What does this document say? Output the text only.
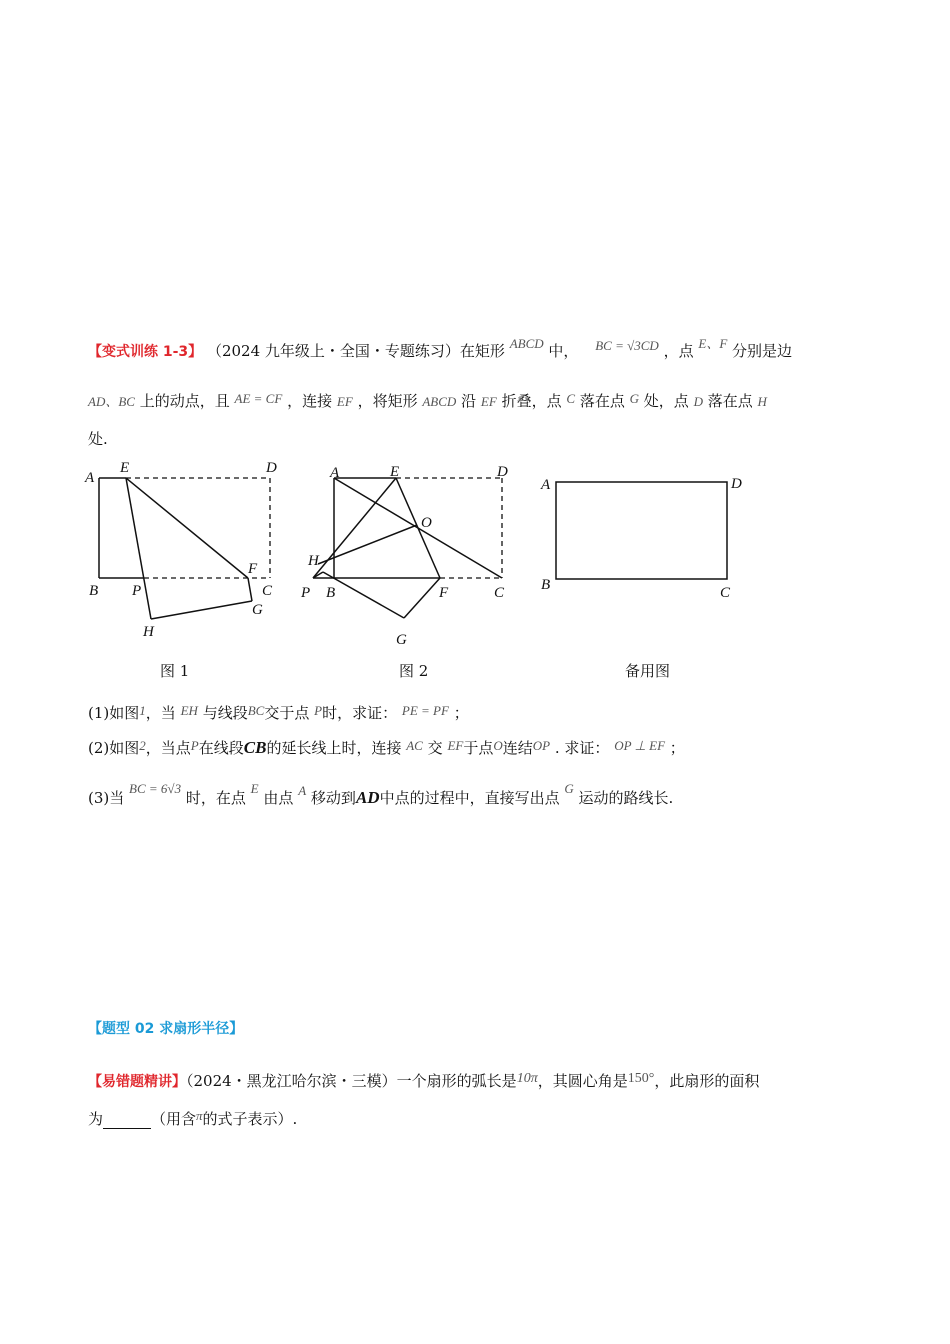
【变式训练 1-3】 （2024 九年级上・全国・专题练习）在矩形 ABCD 中， BC = √3CD ，点 E、F 分别是边
AD、BC 上的动点，且 AE = CF ，连接 EF ，将矩形 ABCD 沿 EF 折叠，点 C 落在点 G 处，点 D 落在点 H
处.
A
E	D
B P
F
C
G
H
A	E	D
O
H
P B	F	C
G
A	D
B	C
图 1	图 2	备用图
(1)如图1，当 EH 与线段BC交于点 P时，求证： PE = PF ；
(2)如图2，当点P在线段CB的延长线上时，连接 AC 交 EF于点O连结OP . 求证： OP ⊥ EF ；
(3)当 BC = 6√3 时，在点 E 由点 A 移动到AD中点的过程中，直接写出点 G 运动的路线长.
【题型 02 求扇形半径】
【易错题精讲】（2024・黑龙江哈尔滨・三模）一个扇形的弧长是10π，其圆心角是150°，此扇形的面积
为	（用含π的式子表示）.
